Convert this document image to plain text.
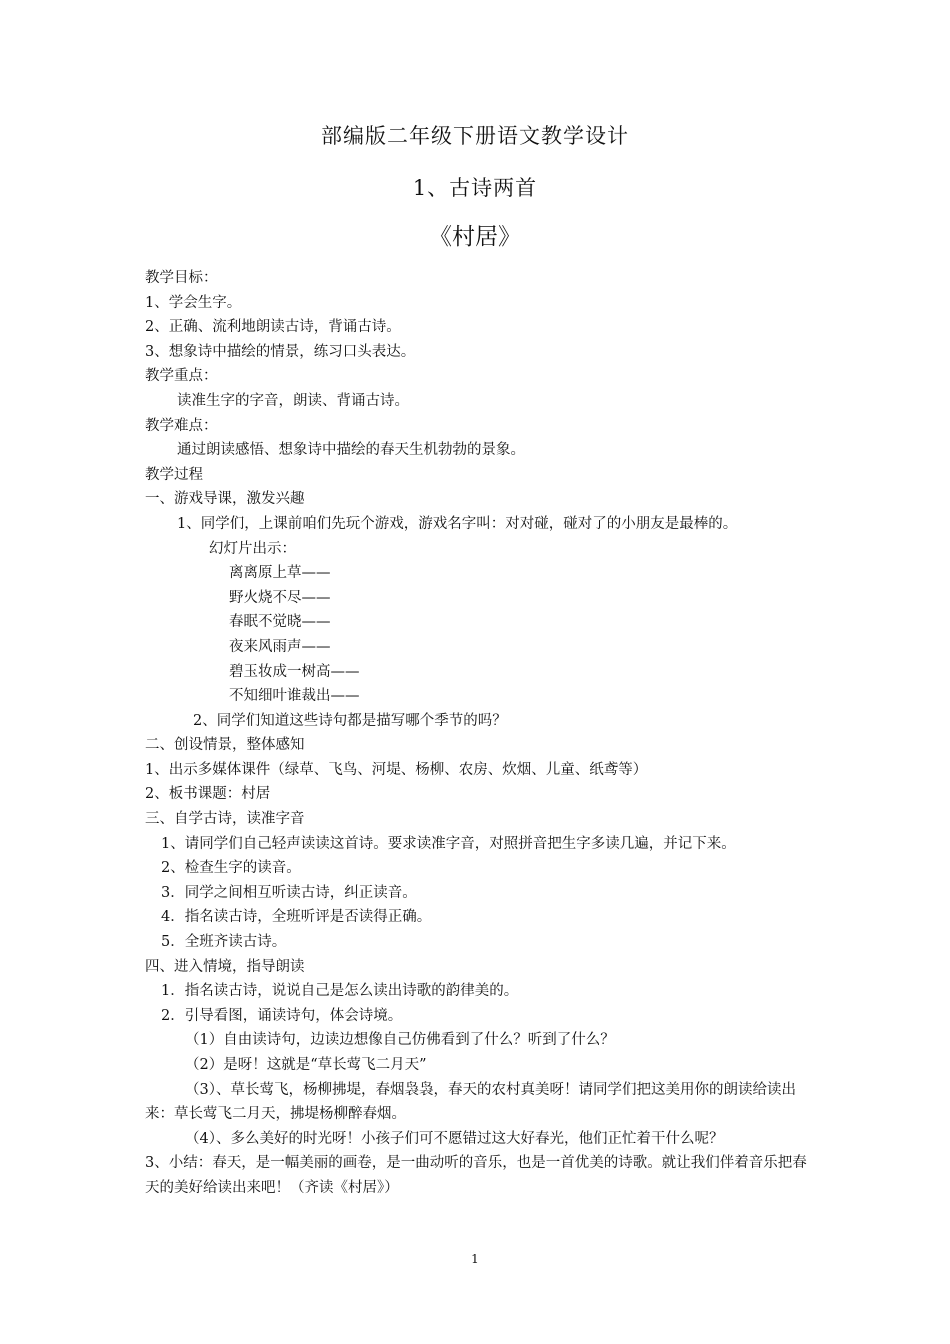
部编版二年级下册语文教学设计
1、古诗两首
《村居》
教学目标：
1、学会生字。
2、正确、流利地朗读古诗，背诵古诗。
3、想象诗中描绘的情景，练习口头表达。
教学重点：
读准生字的字音，朗读、背诵古诗。
教学难点：
通过朗读感悟、想象诗中描绘的春天生机勃勃的景象。
教学过程
一、游戏导课，激发兴趣
1、同学们，上课前咱们先玩个游戏，游戏名字叫：对对碰，碰对了的小朋友是最棒的。
幻灯片出示：
离离原上草——
野火烧不尽——
春眠不觉晓——
夜来风雨声——
碧玉妆成一树高——
不知细叶谁裁出——
2、同学们知道这些诗句都是描写哪个季节的吗？
二、创设情景，整体感知
1、出示多媒体课件（绿草、飞鸟、河堤、杨柳、农房、炊烟、儿童、纸鸢等）
2、板书课题：村居
三、自学古诗，读准字音
1、请同学们自己轻声读读这首诗。要求读准字音，对照拼音把生字多读几遍，并记下来。
2、检查生字的读音。
3．同学之间相互听读古诗，纠正读音。
4．指名读古诗，全班听评是否读得正确。
5．全班齐读古诗。
四、进入情境，指导朗读
1．指名读古诗，说说自己是怎么读出诗歌的韵律美的。
2．引导看图，诵读诗句，体会诗境。
（1）自由读诗句，边读边想像自己仿佛看到了什么？听到了什么？
（2）是呀！这就是“草长莺飞二月天”
（3）、草长莺飞，杨柳拂堤，春烟袅袅，春天的农村真美呀！请同学们把这美用你的朗读给读出来：草长莺飞二月天，拂堤杨柳醉春烟。
（4）、多么美好的时光呀！小孩子们可不愿错过这大好春光，他们正忙着干什么呢？
3、小结：春天，是一幅美丽的画卷，是一曲动听的音乐，也是一首优美的诗歌。就让我们伴着音乐把春天的美好给读出来吧！（齐读《村居》）
1
